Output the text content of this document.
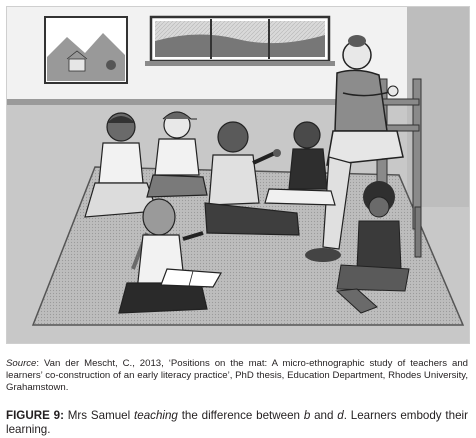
Source: Van der Mescht, C., 2013, ‘Positions on the mat: A micro-ethnographic study of teachers and learners’ co-construction of an early literacy practice’, PhD thesis, Education Department, Rhodes University, Grahamstown.

FIGURE 9: Mrs Samuel teaching the difference between b and d. Learners embody their learning.
